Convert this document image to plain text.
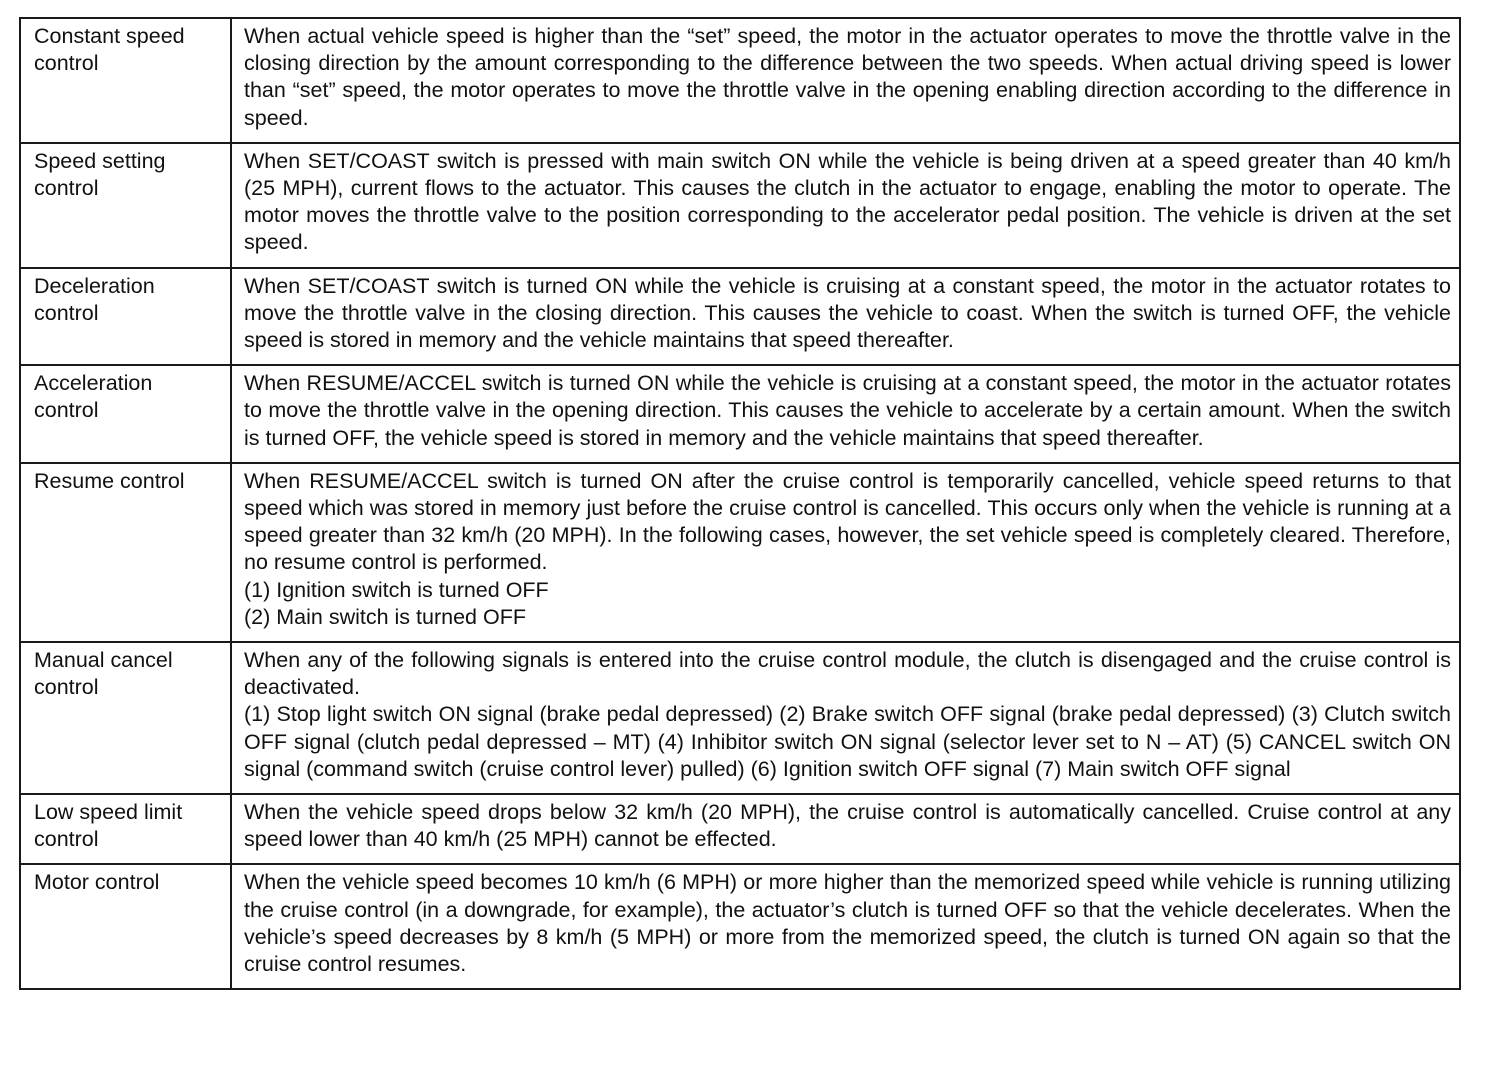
Constant speed control	When actual vehicle speed is higher than the “set” speed, the motor in the actuator operates to move the throttle valve in the closing direction by the amount corresponding to the difference between the two speeds. When actual driving speed is lower than “set” speed, the motor operates to move the throttle valve in the opening enabling direction according to the difference in speed.

Speed setting control	When SET/COAST switch is pressed with main switch ON while the vehicle is being driven at a speed greater than 40 km/h (25 MPH), current flows to the actuator. This causes the clutch in the actuator to engage, enabling the motor to operate. The motor moves the throttle valve to the position corresponding to the accelerator pedal position. The vehicle is driven at the set speed.

Deceleration control	When SET/COAST switch is turned ON while the vehicle is cruising at a constant speed, the motor in the actuator rotates to move the throttle valve in the closing direction. This causes the vehicle to coast. When the switch is turned OFF, the vehicle speed is stored in memory and the vehicle maintains that speed thereafter.

Acceleration control	When RESUME/ACCEL switch is turned ON while the vehicle is cruising at a constant speed, the motor in the actuator rotates to move the throttle valve in the opening direction. This causes the vehicle to accelerate by a certain amount. When the switch is turned OFF, the vehicle speed is stored in memory and the vehicle maintains that speed thereafter.

Resume control	When RESUME/ACCEL switch is turned ON after the cruise control is temporarily cancelled, vehicle speed returns to that speed which was stored in memory just before the cruise control is cancelled. This occurs only when the vehicle is running at a speed greater than 32 km/h (20 MPH). In the following cases, however, the set vehicle speed is completely cleared. Therefore, no resume control is performed.
(1) Ignition switch is turned OFF
(2) Main switch is turned OFF

Manual cancel control	When any of the following signals is entered into the cruise control module, the clutch is disengaged and the cruise control is deactivated.
(1) Stop light switch ON signal (brake pedal depressed) (2) Brake switch OFF signal (brake pedal depressed) (3) Clutch switch OFF signal (clutch pedal depressed – MT) (4) Inhibitor switch ON signal (selector lever set to N – AT) (5) CANCEL switch ON signal (command switch (cruise control lever) pulled) (6) Ignition switch OFF signal (7) Main switch OFF signal

Low speed limit control	When the vehicle speed drops below 32 km/h (20 MPH), the cruise control is automatically cancelled. Cruise control at any speed lower than 40 km/h (25 MPH) cannot be effected.

Motor control	When the vehicle speed becomes 10 km/h (6 MPH) or more higher than the memorized speed while vehicle is running utilizing the cruise control (in a downgrade, for example), the actuator’s clutch is turned OFF so that the vehicle decelerates. When the vehicle’s speed decreases by 8 km/h (5 MPH) or more from the memorized speed, the clutch is turned ON again so that the cruise control resumes.
